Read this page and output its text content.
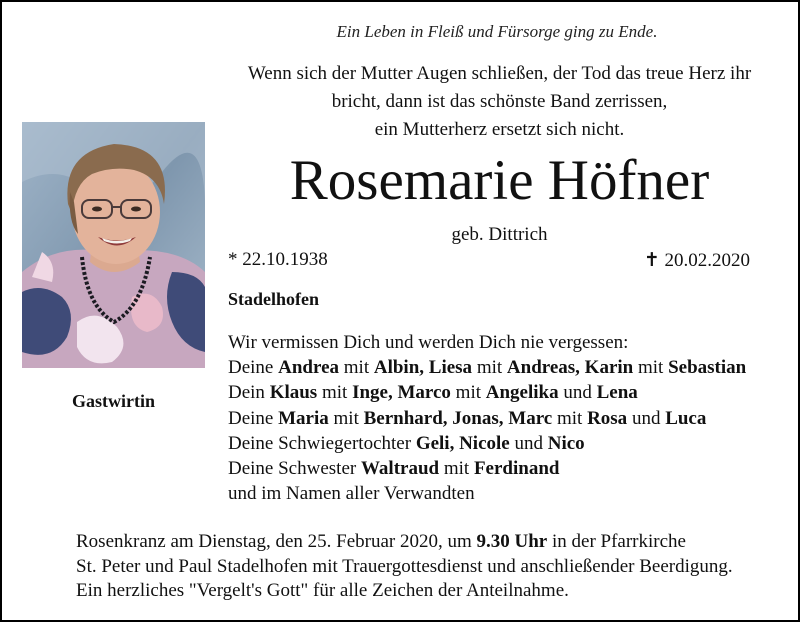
Ein Leben in Fleiß und Fürsorge ging zu Ende.
Wenn sich der Mutter Augen schließen, der Tod das treue Herz ihr
bricht, dann ist das schönste Band zerrissen,
ein Mutterherz ersetzt sich nicht.
Gastwirtin
Rosemarie Höfner
geb. Dittrich
* 22.10.1938	✝ 20.02.2020
Stadelhofen
Wir vermissen Dich und werden Dich nie vergessen:
Deine Andrea mit Albin, Liesa mit Andreas, Karin mit Sebastian
Dein Klaus mit Inge, Marco mit Angelika und Lena
Deine Maria mit Bernhard, Jonas, Marc mit Rosa und Luca
Deine Schwiegertochter Geli, Nicole und Nico
Deine Schwester Waltraud mit Ferdinand
und im Namen aller Verwandten
Rosenkranz am Dienstag, den 25. Februar 2020, um 9.30 Uhr in der Pfarrkirche
St. Peter und Paul Stadelhofen mit Trauergottesdienst und anschließender Beerdigung.
Ein herzliches "Vergelt's Gott" für alle Zeichen der Anteilnahme.
